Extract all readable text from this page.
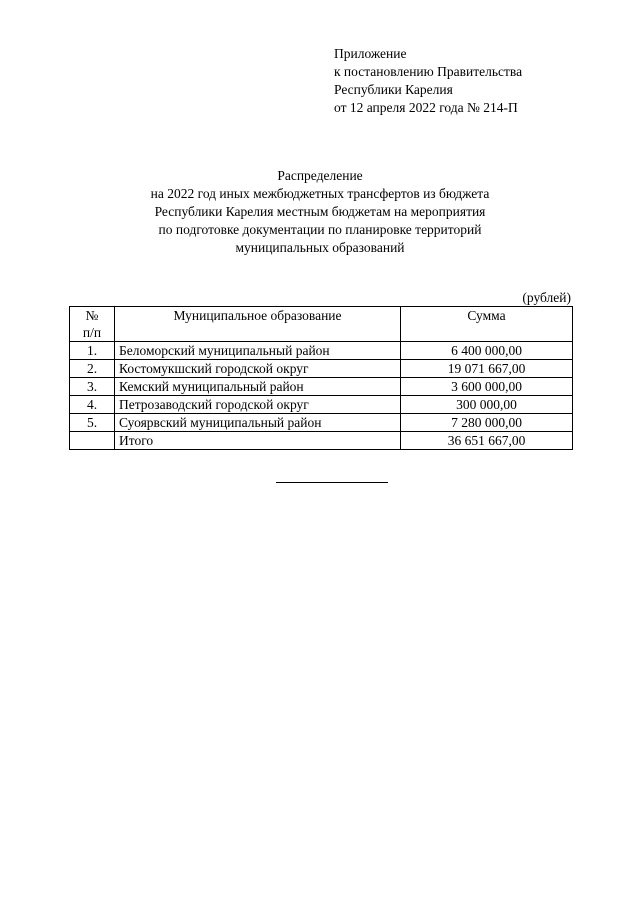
Приложение
к постановлению Правительства
Республики Карелия
от 12 апреля 2022 года № 214-П
Распределение
на 2022 год иных межбюджетных трансфертов из бюджета
Республики Карелия местным бюджетам на мероприятия
по подготовке документации по планировке территорий
муниципальных образований
(рублей)
№
п/п	Муниципальное образование	Сумма
1.	Беломорский муниципальный район	6 400 000,00
2.	Костомукшский городской округ	19 071 667,00
3.	Кемский муниципальный район	3 600 000,00
4.	Петрозаводский городской округ	300 000,00
5.	Суоярвский муниципальный район	7 280 000,00
	Итого	36 651 667,00
